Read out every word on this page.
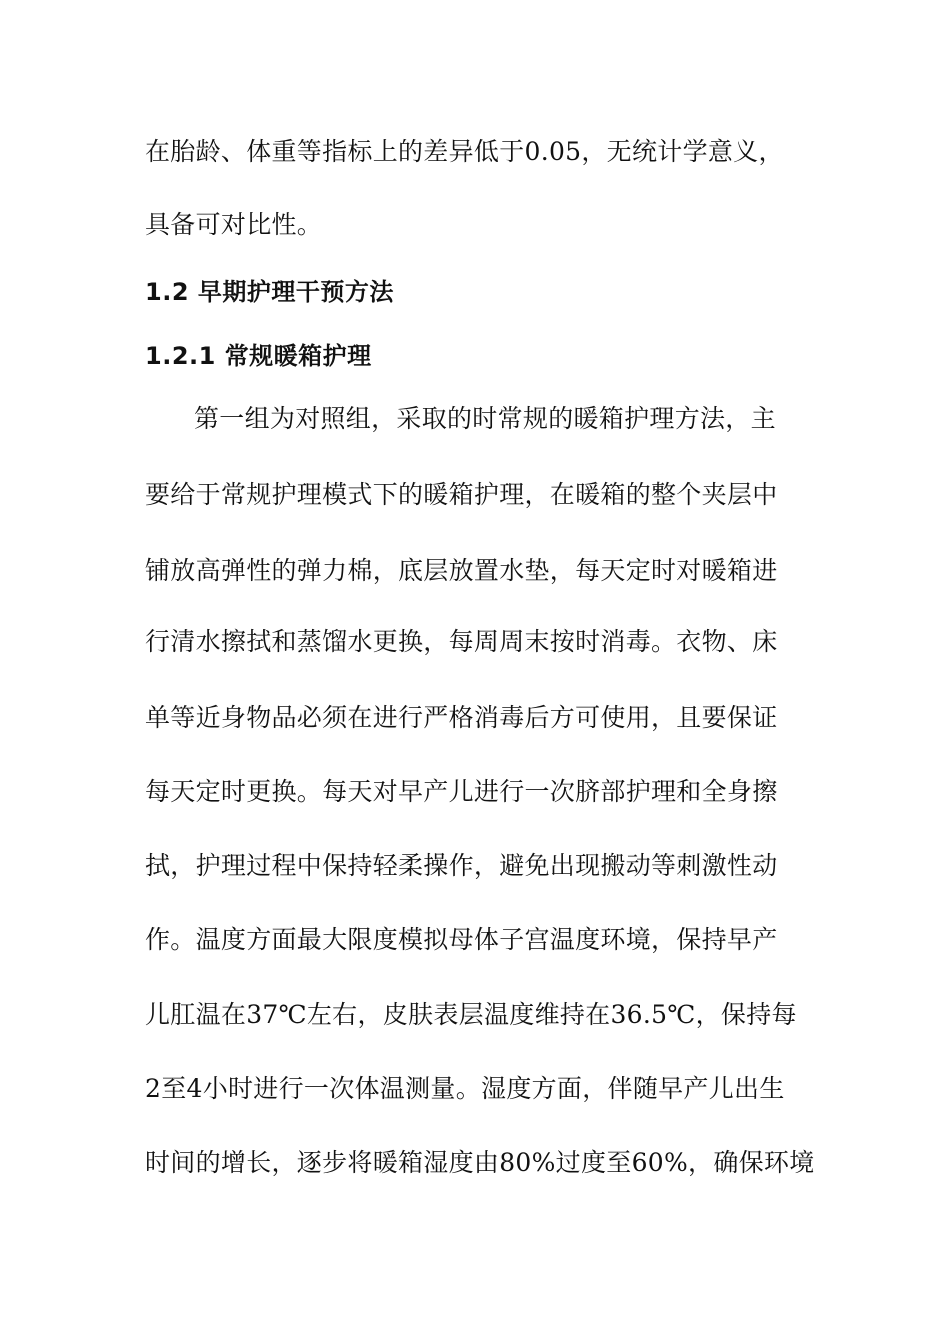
在胎龄、体重等指标上的差异低于0.05，无统计学意义，
具备可对比性。
1.2 早期护理干预方法
1.2.1 常规暖箱护理
第一组为对照组，采取的时常规的暖箱护理方法，主
要给于常规护理模式下的暖箱护理，在暖箱的整个夹层中
铺放高弹性的弹力棉，底层放置水垫，每天定时对暖箱进
行清水擦拭和蒸馏水更换，每周周末按时消毒。衣物、床
单等近身物品必须在进行严格消毒后方可使用，且要保证
每天定时更换。每天对早产儿进行一次脐部护理和全身擦
拭，护理过程中保持轻柔操作，避免出现搬动等刺激性动
作。温度方面最大限度模拟母体子宫温度环境，保持早产
儿肛温在37℃左右，皮肤表层温度维持在36.5℃，保持每
2至4小时进行一次体温测量。湿度方面，伴随早产儿出生
时间的增长，逐步将暖箱湿度由80%过度至60%，确保环境
